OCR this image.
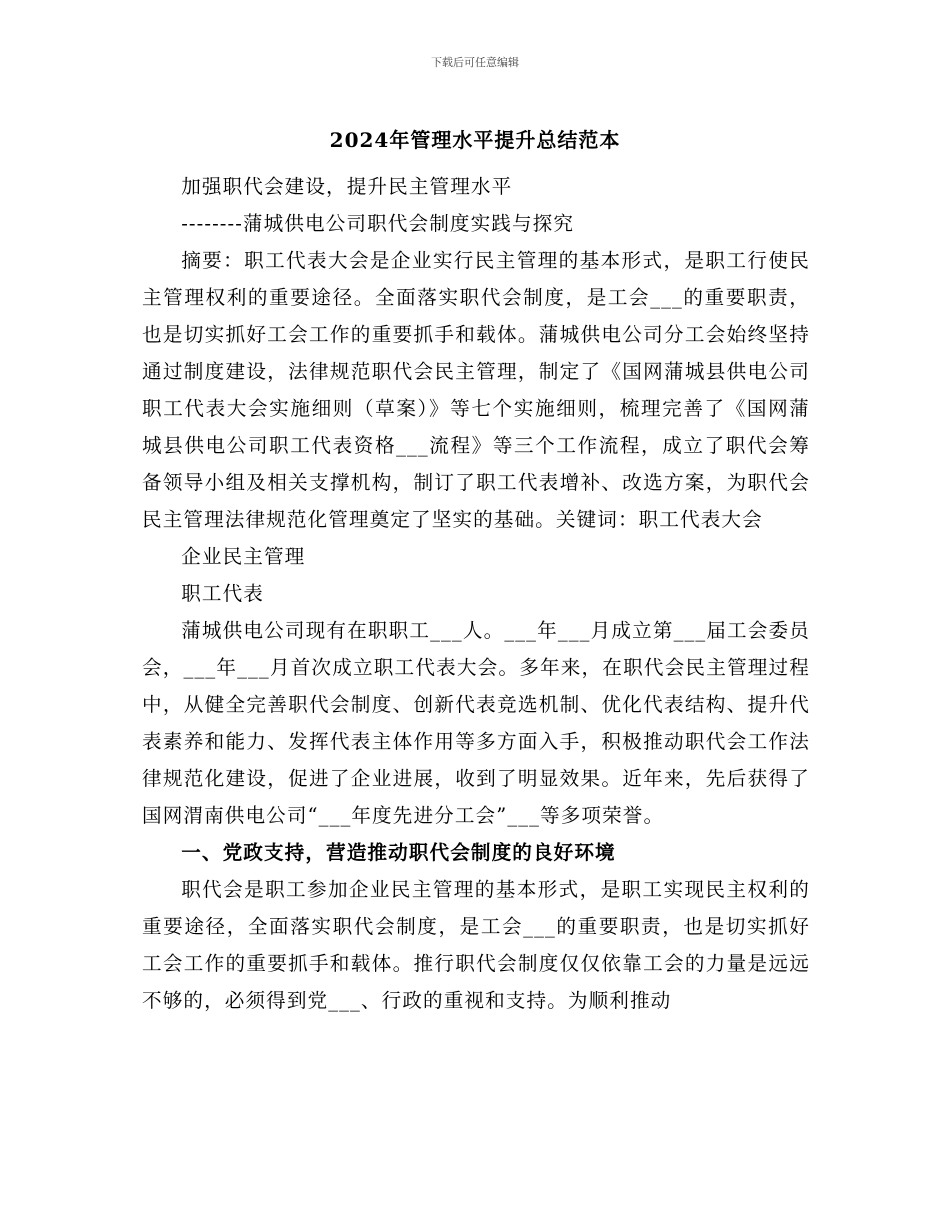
下载后可任意编辑
2024年管理水平提升总结范本

加强职代会建设，提升民主管理水平

--------蒲城供电公司职代会制度实践与探究

摘要：职工代表大会是企业实行民主管理的基本形式，是职工行使民主管理权利的重要途径。全面落实职代会制度，是工会___的重要职责，也是切实抓好工会工作的重要抓手和载体。蒲城供电公司分工会始终坚持通过制度建设，法律规范职代会民主管理，制定了《国网蒲城县供电公司职工代表大会实施细则（草案）》等七个实施细则，梳理完善了《国网蒲城县供电公司职工代表资格___流程》等三个工作流程，成立了职代会筹备领导小组及相关支撑机构，制订了职工代表增补、改选方案，为职代会民主管理法律规范化管理奠定了坚实的基础。关键词：职工代表大会

企业民主管理

职工代表

蒲城供电公司现有在职职工___人。___年___月成立第___届工会委员会，___年___月首次成立职工代表大会。多年来，在职代会民主管理过程中，从健全完善职代会制度、创新代表竞选机制、优化代表结构、提升代表素养和能力、发挥代表主体作用等多方面入手，积极推动职代会工作法律规范化建设，促进了企业进展，收到了明显效果。近年来，先后获得了国网渭南供电公司“___年度先进分工会”___等多项荣誉。

一、党政支持，营造推动职代会制度的良好环境

职代会是职工参加企业民主管理的基本形式，是职工实现民主权利的重要途径，全面落实职代会制度，是工会___的重要职责，也是切实抓好工会工作的重要抓手和载体。推行职代会制度仅仅依靠工会的力量是远远不够的，必须得到党___、行政的重视和支持。为顺利推动
